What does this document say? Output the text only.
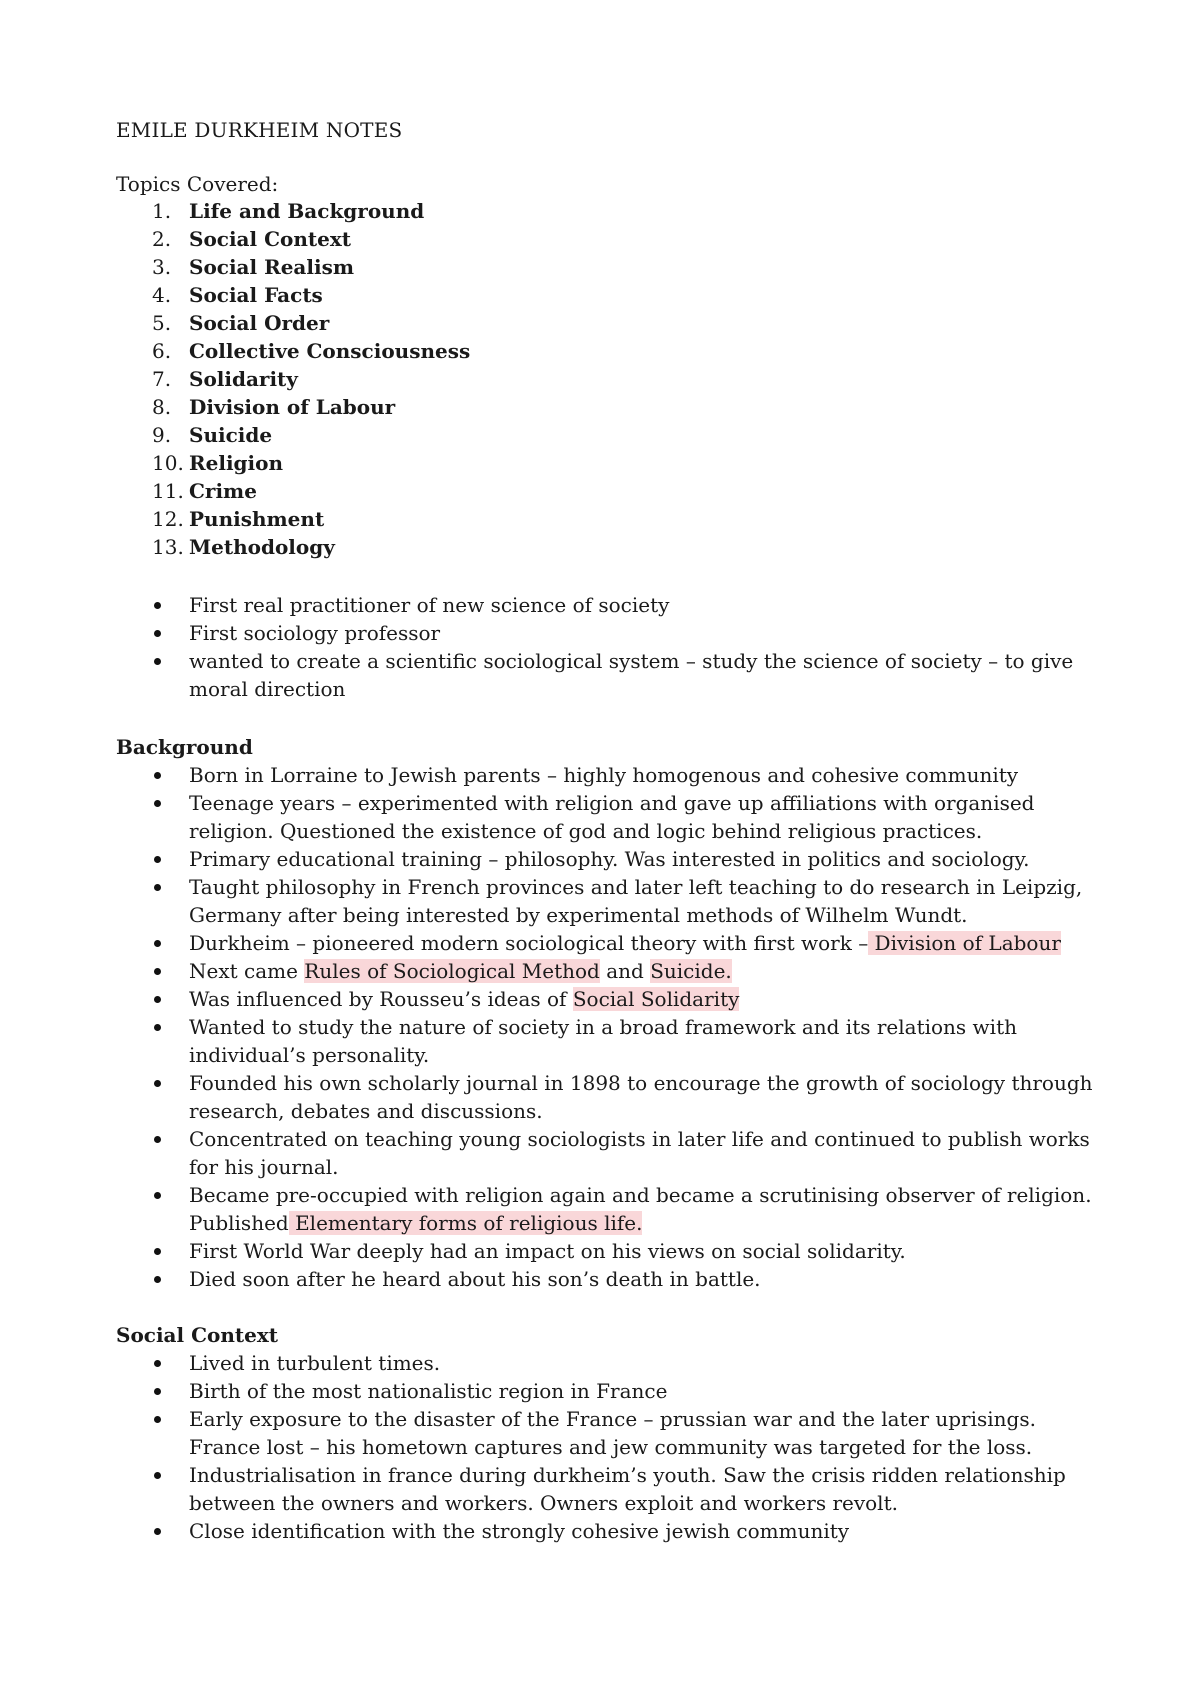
EMILE DURKHEIM NOTES
Topics Covered:
1. Life and Background
2. Social Context
3. Social Realism
4. Social Facts
5. Social Order
6. Collective Consciousness
7. Solidarity
8. Division of Labour
9. Suicide
10. Religion
11. Crime
12. Punishment
13. Methodology
First real practitioner of new science of society
First sociology professor
wanted to create a scientific sociological system – study the science of society – to give moral direction
Background
Born in Lorraine to Jewish parents – highly homogenous and cohesive community
Teenage years – experimented with religion and gave up affiliations with organised religion. Questioned the existence of god and logic behind religious practices.
Primary educational training – philosophy. Was interested in politics and sociology.
Taught philosophy in French provinces and later left teaching to do research in Leipzig, Germany after being interested by experimental methods of Wilhelm Wundt.
Durkheim – pioneered modern sociological theory with first work – Division of Labour
Next came Rules of Sociological Method and Suicide.
Was influenced by Rousseu’s ideas of Social Solidarity
Wanted to study the nature of society in a broad framework and its relations with individual’s personality.
Founded his own scholarly journal in 1898 to encourage the growth of sociology through research, debates and discussions.
Concentrated on teaching young sociologists in later life and continued to publish works for his journal.
Became pre-occupied with religion again and became a scrutinising observer of religion. Published Elementary forms of religious life.
First World War deeply had an impact on his views on social solidarity.
Died soon after he heard about his son’s death in battle.
Social Context
Lived in turbulent times.
Birth of the most nationalistic region in France
Early exposure to the disaster of the France – prussian war and the later uprisings. France lost – his hometown captures and jew community was targeted for the loss.
Industrialisation in france during durkheim’s youth. Saw the crisis ridden relationship between the owners and workers. Owners exploit and workers revolt.
Close identification with the strongly cohesive jewish community
